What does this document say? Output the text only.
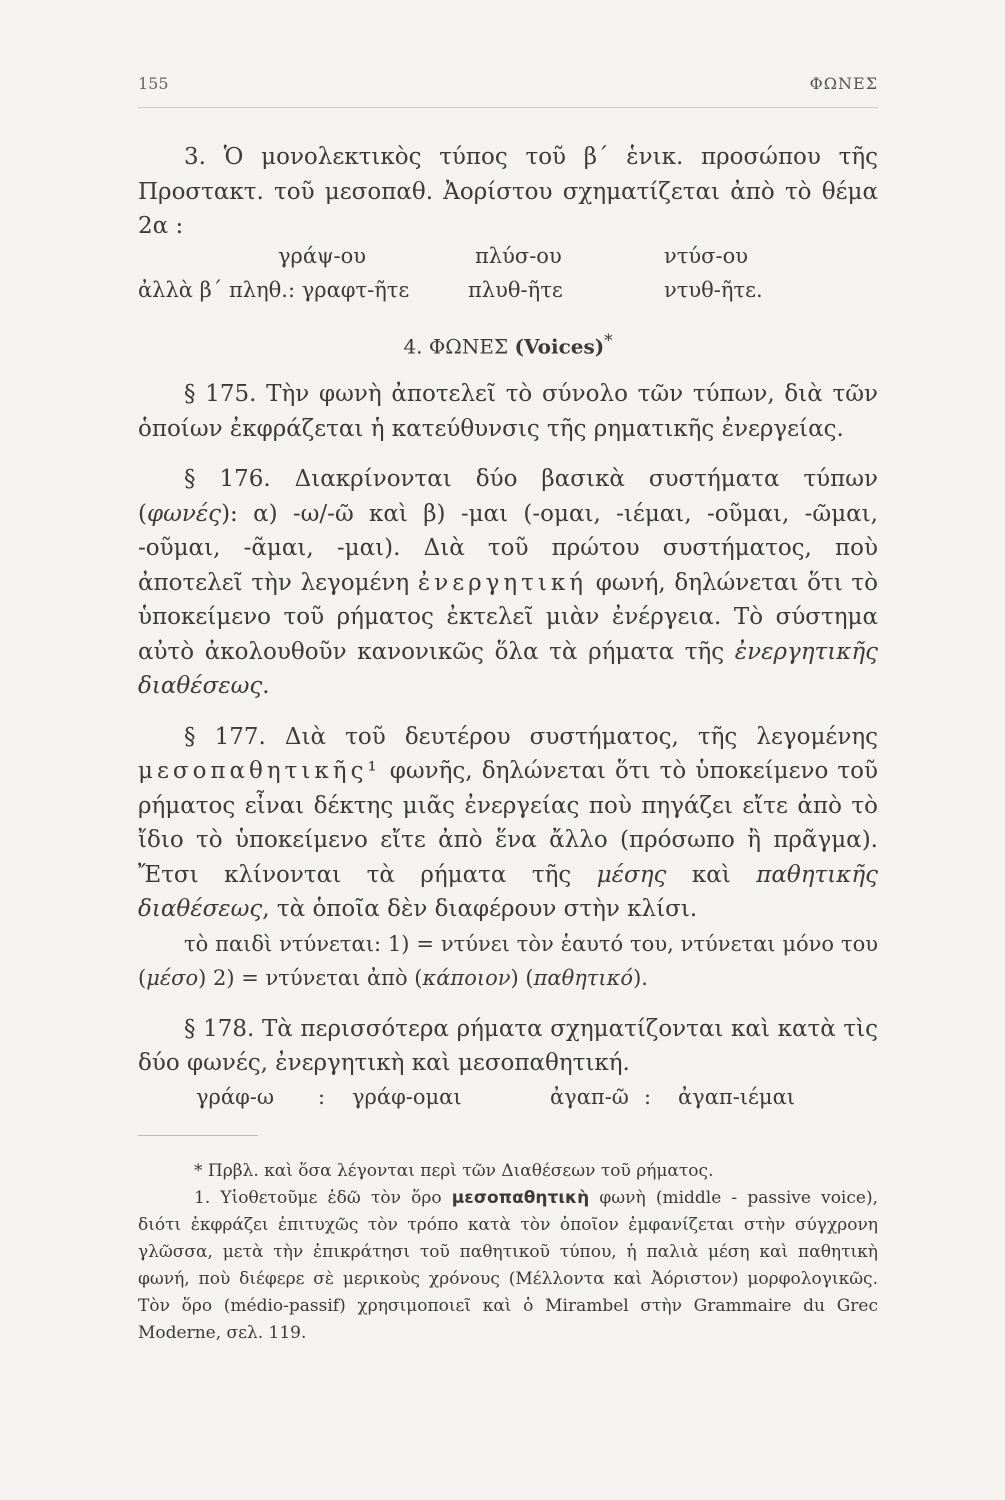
155	ΦΩΝΕΣ

3. Ὁ μονολεκτικὸς τύπος τοῦ β΄ ἑνικ. προσώπου τῆς Προστακτ. τοῦ μεσοπαθ. Ἀορίστου σχηματίζεται ἀπὸ τὸ θέμα 2α :

γράψ-ου	πλύσ-ου	ντύσ-ου
ἀλλὰ β΄ πληθ.: γραφτ-ῆτε	πλυθ-ῆτε	ντυθ-ῆτε.
4. ΦΩΝΕΣ (Voices)*

§ 175. Τὴν φωνὴ ἀποτελεῖ τὸ σύνολο τῶν τύπων, διὰ τῶν ὁποίων ἐκφράζεται ἡ κατεύθυνσις τῆς ρηματικῆς ἐνεργείας.

§ 176. Διακρίνονται δύο βασικὰ συστήματα τύπων (φωνές): α) -ω/-ῶ καὶ β) -μαι (-ομαι, -ιέμαι, -οῦμαι, -ῶμαι, -οῦμαι, -ᾶμαι, -μαι). Διὰ τοῦ πρώτου συστήματος, ποὺ ἀποτελεῖ τὴν λεγομένη ἐνεργητική φωνή, δηλώνεται ὅτι τὸ ὑποκείμενο τοῦ ρήματος ἐκτελεῖ μιὰν ἐνέργεια. Τὸ σύστημα αὐτὸ ἀκολουθοῦν κανονικῶς ὅλα τὰ ρήματα τῆς ἐνεργητικῆς διαθέσεως.

§ 177. Διὰ τοῦ δευτέρου συστήματος, τῆς λεγομένης μεσοπαθητικῆς¹ φωνῆς, δηλώνεται ὅτι τὸ ὑποκείμενο τοῦ ρήματος εἶναι δέκτης μιᾶς ἐνεργείας ποὺ πηγάζει εἴτε ἀπὸ τὸ ἴδιο τὸ ὑποκείμενο εἴτε ἀπὸ ἕνα ἄλλο (πρόσωπο ἢ πρᾶγμα). Ἔτσι κλίνονται τὰ ρήματα τῆς μέσης καὶ παθητικῆς διαθέσεως, τὰ ὁποῖα δὲν διαφέρουν στὴν κλίσι.

τὸ παιδὶ ντύνεται: 1) = ντύνει τὸν ἑαυτό του, ντύνεται μόνο του (μέσο) 2) = ντύνεται ἀπὸ (κάποιον) (παθητικό).

§ 178. Τὰ περισσότερα ρήματα σχηματίζονται καὶ κατὰ τὶς δύο φωνές, ἐνεργητικὴ καὶ μεσοπαθητική.

γράφ-ω : γράφ-ομαι	ἀγαπ-ῶ : ἀγαπ-ιέμαι

* Πρβλ. καὶ ὅσα λέγονται περὶ τῶν Διαθέσεων τοῦ ρήματος.

1. Υἱοθετοῦμε ἐδῶ τὸν ὅρο μεσοπαθητικὴ φωνὴ (middle - passive voice), διότι ἐκφράζει ἐπιτυχῶς τὸν τρόπο κατὰ τὸν ὁποῖον ἐμφανίζεται στὴν σύγχρονη γλῶσσα, μετὰ τὴν ἐπικράτησι τοῦ παθητικοῦ τύπου, ἡ παλιὰ μέση καὶ παθητικὴ φωνή, ποὺ διέφερε σὲ μερικοὺς χρόνους (Μέλλοντα καὶ Ἀόριστον) μορφολογικῶς. Τὸν ὅρο (médio-passif) χρησιμοποιεῖ καὶ ὁ Mirambel στὴν Grammaire du Grec Moderne, σελ. 119.
